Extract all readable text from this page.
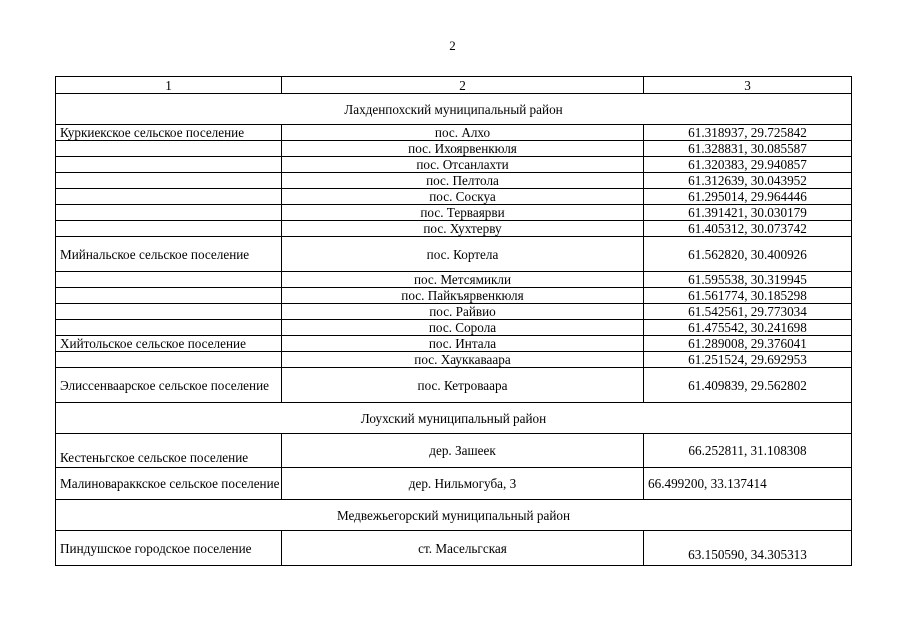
2
1	2	3
Лахденпохский муниципальный район		
Куркиекское сельское поселение	пос. Алхо	61.318937, 29.725842
	пос. Ихоярвенкюля	61.328831, 30.085587
	пос. Отсанлахти	61.320383, 29.940857
	пос. Пелтола	61.312639, 30.043952
	пос. Соскуа	61.295014, 29.964446
	пос. Терваярви	61.391421, 30.030179
	пос. Хухтерву	61.405312, 30.073742
Мийнальское сельское поселение	пос. Кортела	61.562820, 30.400926
	пос. Метсямикли	61.595538, 30.319945
	пос. Пайкъярвенкюля	61.561774, 30.185298
	пос. Райвио	61.542561, 29.773034
	пос. Сорола	61.475542, 30.241698
Хийтольское сельское поселение	пос. Интала	61.289008, 29.376041
	пос. Хауккаваара	61.251524, 29.692953
Элиссенваарское сельское поселение	пос. Кетроваара	61.409839, 29.562802
Лоухский муниципальный район		
Кестеньгское сельское поселение	дер. Зашеек	66.252811, 31.108308
Малиновараккское сельское поселение	дер. Нильмогуба, 3	66.499200, 33.137414
Медвежьегорский муниципальный район		
Пиндушское городское поселение	ст. Масельгская	63.150590, 34.305313
